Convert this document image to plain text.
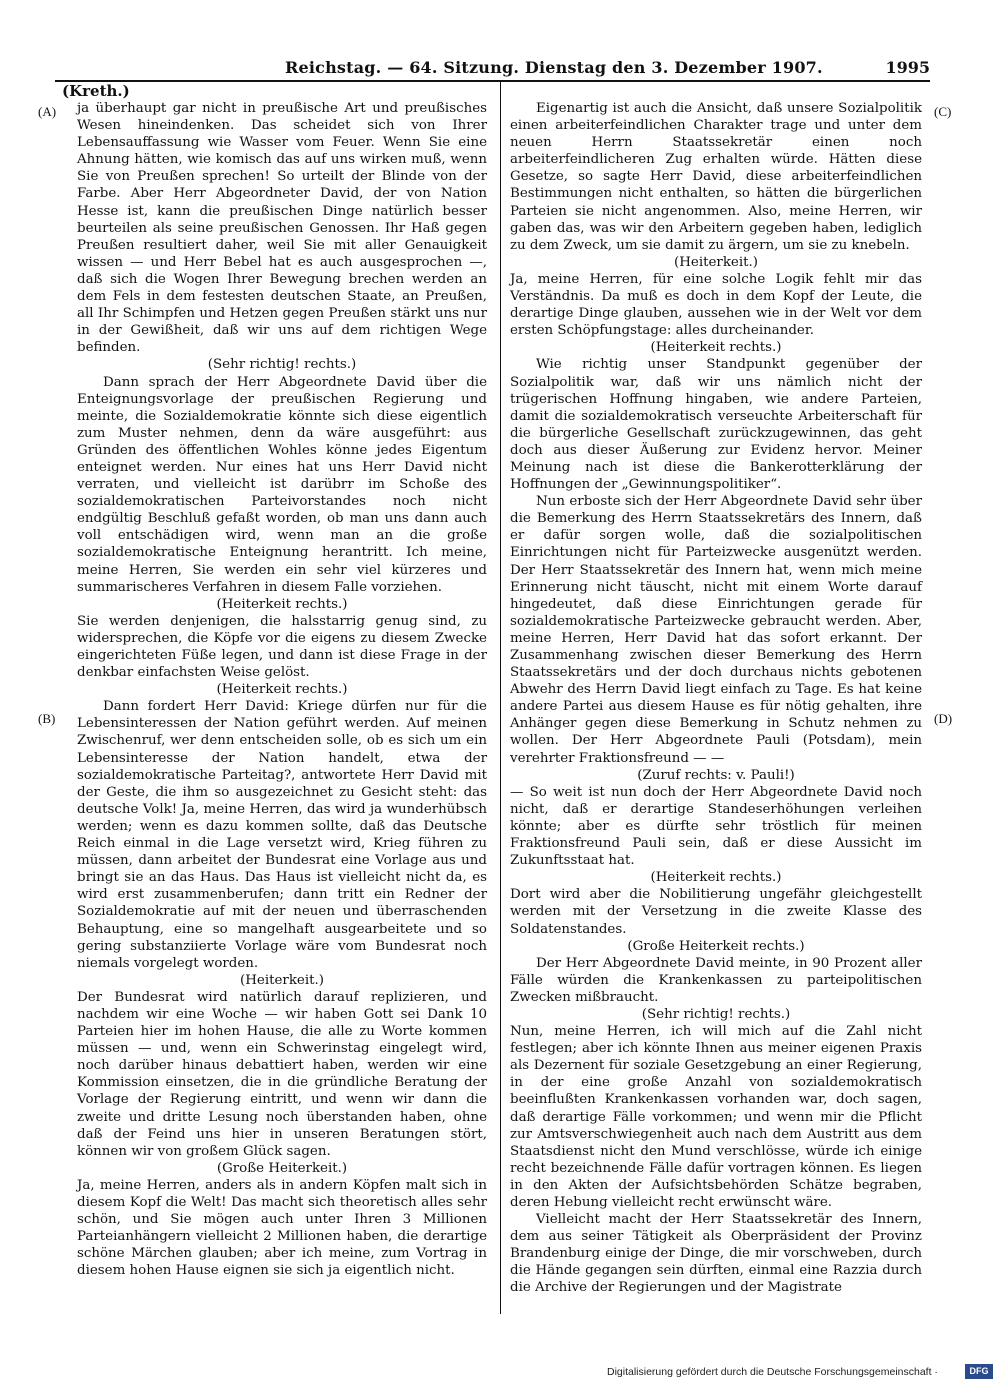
Reichstag. — 64. Sitzung. Dienstag den 3. Dezember 1907.	1995
(Kreth.)
(A)
(B)
(C)
(D)

ja überhaupt gar nicht in preußische Art und preußisches Wesen hineindenken. Das scheidet sich von Ihrer Lebensauffassung wie Wasser vom Feuer. Wenn Sie eine Ahnung hätten, wie komisch das auf uns wirken muß, wenn Sie von Preußen sprechen! So urteilt der Blinde von der Farbe. Aber Herr Abgeordneter David, der von Nation Hesse ist, kann die preußischen Dinge natürlich besser beurteilen als seine preußischen Genossen. Ihr Haß gegen Preußen resultiert daher, weil Sie mit aller Genauigkeit wissen — und Herr Bebel hat es auch ausgesprochen —, daß sich die Wogen Ihrer Bewegung brechen werden an dem Fels in dem festesten deutschen Staate, an Preußen, all Ihr Schimpfen und Hetzen gegen Preußen stärkt uns nur in der Gewißheit, daß wir uns auf dem richtigen Wege befinden.

(Sehr richtig! rechts.)

Dann sprach der Herr Abgeordnete David über die Enteignungsvorlage der preußischen Regierung und meinte, die Sozialdemokratie könnte sich diese eigentlich zum Muster nehmen, denn da wäre ausgeführt: aus Gründen des öffentlichen Wohles könne jedes Eigentum enteignet werden. Nur eines hat uns Herr David nicht verraten, und vielleicht ist darübrr im Schoße des sozialdemokratischen Parteivorstandes noch nicht endgültig Beschluß gefaßt worden, ob man uns dann auch voll entschädigen wird, wenn man an die große sozialdemokratische Enteignung herantritt. Ich meine, meine Herren, Sie werden ein sehr viel kürzeres und summarischeres Verfahren in diesem Falle vorziehen.

(Heiterkeit rechts.)

Sie werden denjenigen, die halsstarrig genug sind, zu widersprechen, die Köpfe vor die eigens zu diesem Zwecke eingerichteten Füße legen, und dann ist diese Frage in der denkbar einfachsten Weise gelöst.

(Heiterkeit rechts.)

Dann fordert Herr David: Kriege dürfen nur für die Lebensinteressen der Nation geführt werden. Auf meinen Zwischenruf, wer denn entscheiden solle, ob es sich um ein Lebensinteresse der Nation handelt, etwa der sozialdemokratische Parteitag?, antwortete Herr David mit der Geste, die ihm so ausgezeichnet zu Gesicht steht: das deutsche Volk! Ja, meine Herren, das wird ja wunderhübsch werden; wenn es dazu kommen sollte, daß das Deutsche Reich einmal in die Lage versetzt wird, Krieg führen zu müssen, dann arbeitet der Bundesrat eine Vorlage aus und bringt sie an das Haus. Das Haus ist vielleicht nicht da, es wird erst zusammenberufen; dann tritt ein Redner der Sozialdemokratie auf mit der neuen und überraschenden Behauptung, eine so mangelhaft ausgearbeitete und so gering substanziierte Vorlage wäre vom Bundesrat noch niemals vorgelegt worden.

(Heiterkeit.)

Der Bundesrat wird natürlich darauf replizieren, und nachdem wir eine Woche — wir haben Gott sei Dank 10 Parteien hier im hohen Hause, die alle zu Worte kommen müssen — und, wenn ein Schwerinstag eingelegt wird, noch darüber hinaus debattiert haben, werden wir eine Kommission einsetzen, die in die gründliche Beratung der Vorlage der Regierung eintritt, und wenn wir dann die zweite und dritte Lesung noch überstanden haben, ohne daß der Feind uns hier in unseren Beratungen stört, können wir von großem Glück sagen.

(Große Heiterkeit.)

Ja, meine Herren, anders als in andern Köpfen malt sich in diesem Kopf die Welt! Das macht sich theoretisch alles sehr schön, und Sie mögen auch unter Ihren 3 Millionen Parteianhängern vielleicht 2 Millionen haben, die derartige schöne Märchen glauben; aber ich meine, zum Vortrag in diesem hohen Hause eignen sie sich ja eigentlich nicht.

Eigenartig ist auch die Ansicht, daß unsere Sozialpolitik einen arbeiterfeindlichen Charakter trage und unter dem neuen Herrn Staatssekretär einen noch arbeiterfeindlicheren Zug erhalten würde. Hätten diese Gesetze, so sagte Herr David, diese arbeiterfeindlichen Bestimmungen nicht enthalten, so hätten die bürgerlichen Parteien sie nicht angenommen. Also, meine Herren, wir gaben das, was wir den Arbeitern gegeben haben, lediglich zu dem Zweck, um sie damit zu ärgern, um sie zu knebeln.

(Heiterkeit.)

Ja, meine Herren, für eine solche Logik fehlt mir das Verständnis. Da muß es doch in dem Kopf der Leute, die derartige Dinge glauben, aussehen wie in der Welt vor dem ersten Schöpfungstage: alles durcheinander.

(Heiterkeit rechts.)

Wie richtig unser Standpunkt gegenüber der Sozialpolitik war, daß wir uns nämlich nicht der trügerischen Hoffnung hingaben, wie andere Parteien, damit die sozialdemokratisch verseuchte Arbeiterschaft für die bürgerliche Gesellschaft zurückzugewinnen, das geht doch aus dieser Äußerung zur Evidenz hervor. Meiner Meinung nach ist diese die Bankerotterklärung der Hoffnungen der „Gewinnungspolitiker“.

Nun erboste sich der Herr Abgeordnete David sehr über die Bemerkung des Herrn Staatssekretärs des Innern, daß er dafür sorgen wolle, daß die sozialpolitischen Einrichtungen nicht für Parteizwecke ausgenützt werden. Der Herr Staatssekretär des Innern hat, wenn mich meine Erinnerung nicht täuscht, nicht mit einem Worte darauf hingedeutet, daß diese Einrichtungen gerade für sozialdemokratische Parteizwecke gebraucht werden. Aber, meine Herren, Herr David hat das sofort erkannt. Der Zusammenhang zwischen dieser Bemerkung des Herrn Staatssekretärs und der doch durchaus nichts gebotenen Abwehr des Herrn David liegt einfach zu Tage. Es hat keine andere Partei aus diesem Hause es für nötig gehalten, ihre Anhänger gegen diese Bemerkung in Schutz nehmen zu wollen. Der Herr Abgeordnete Pauli (Potsdam), mein verehrter Fraktionsfreund — —

(Zuruf rechts: v. Pauli!)

— So weit ist nun doch der Herr Abgeordnete David noch nicht, daß er derartige Standeserhöhungen verleihen könnte; aber es dürfte sehr tröstlich für meinen Fraktionsfreund Pauli sein, daß er diese Aussicht im Zukunftsstaat hat.

(Heiterkeit rechts.)

Dort wird aber die Nobilitierung ungefähr gleichgestellt werden mit der Versetzung in die zweite Klasse des Soldatenstandes.

(Große Heiterkeit rechts.)

Der Herr Abgeordnete David meinte, in 90 Prozent aller Fälle würden die Krankenkassen zu parteipolitischen Zwecken mißbraucht.

(Sehr richtig! rechts.)

Nun, meine Herren, ich will mich auf die Zahl nicht festlegen; aber ich könnte Ihnen aus meiner eigenen Praxis als Dezernent für soziale Gesetzgebung an einer Regierung, in der eine große Anzahl von sozialdemokratisch beeinflußten Krankenkassen vorhanden war, doch sagen, daß derartige Fälle vorkommen; und wenn mir die Pflicht zur Amtsverschwiegenheit auch nach dem Austritt aus dem Staatsdienst nicht den Mund verschlösse, würde ich einige recht bezeichnende Fälle dafür vortragen können. Es liegen in den Akten der Aufsichtsbehörden Schätze begraben, deren Hebung vielleicht recht erwünscht wäre.

Vielleicht macht der Herr Staatssekretär des Innern, dem aus seiner Tätigkeit als Oberpräsident der Provinz Brandenburg einige der Dinge, die mir vorschweben, durch die Hände gegangen sein dürften, einmal eine Razzia durch die Archive der Regierungen und der Magistrate

Digitalisierung gefördert durch die Deutsche Forschungsgemeinschaft ·	DFG
